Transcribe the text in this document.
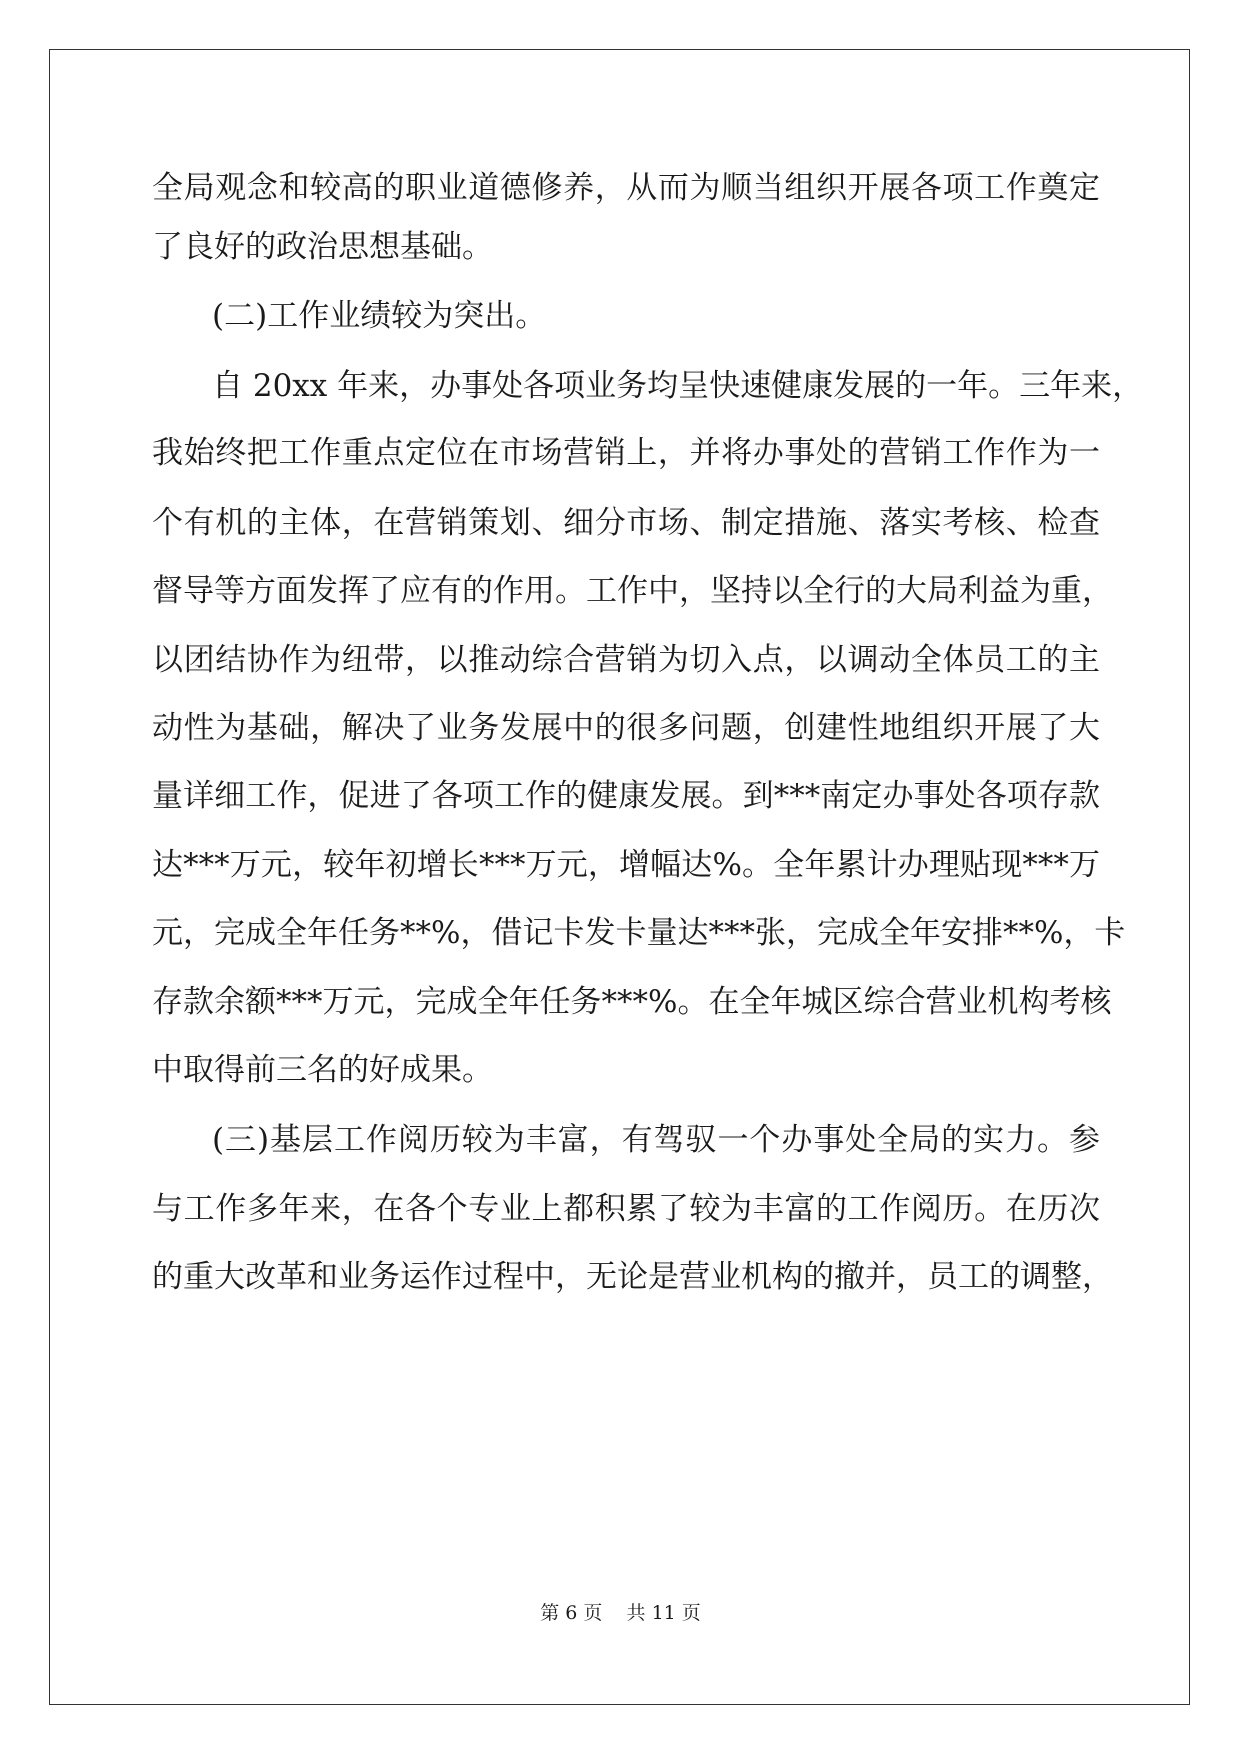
全局观念和较高的职业道德修养，从而为顺当组织开展各项工作奠定
了良好的政治思想基础。
(二)工作业绩较为突出。
自 20xx 年来，办事处各项业务均呈快速健康发展的一年。三年来，
我始终把工作重点定位在市场营销上，并将办事处的营销工作作为一
个有机的主体，在营销策划、细分市场、制定措施、落实考核、检查
督导等方面发挥了应有的作用。工作中，坚持以全行的大局利益为重，
以团结协作为纽带，以推动综合营销为切入点，以调动全体员工的主
动性为基础，解决了业务发展中的很多问题，创建性地组织开展了大
量详细工作，促进了各项工作的健康发展。到***南定办事处各项存款
达***万元，较年初增长***万元，增幅达%。全年累计办理贴现***万
元，完成全年任务**%，借记卡发卡量达***张，完成全年安排**%，卡
存款余额***万元，完成全年任务***%。在全年城区综合营业机构考核
中取得前三名的好成果。
(三)基层工作阅历较为丰富，有驾驭一个办事处全局的实力。参
与工作多年来，在各个专业上都积累了较为丰富的工作阅历。在历次
的重大改革和业务运作过程中，无论是营业机构的撤并，员工的调整，
第 6 页    共 11 页
